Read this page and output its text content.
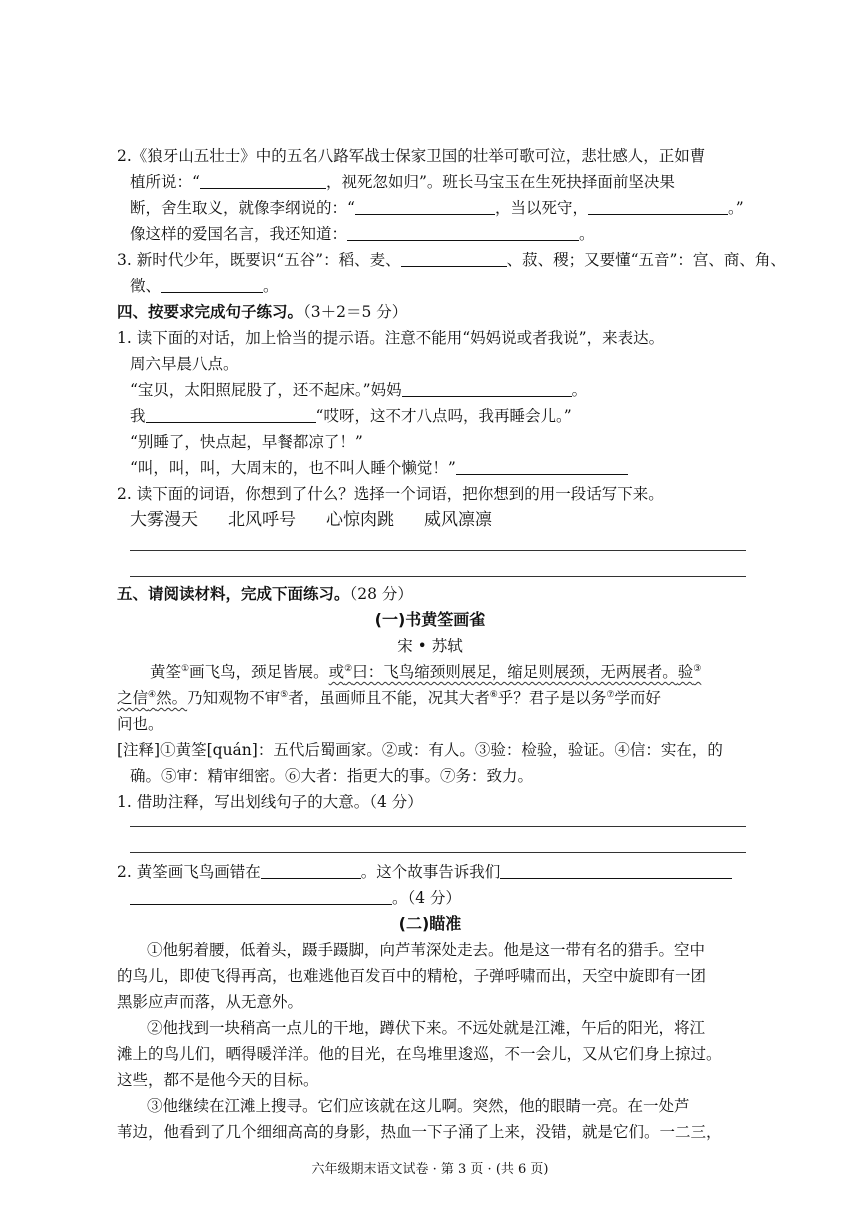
2.《狼牙山五壮士》中的五名八路军战士保家卫国的壮举可歌可泣，悲壮感人，正如曹
植所说：“	，视死忽如归”。班长马宝玉在生死抉择面前坚决果
断，舍生取义，就像李纲说的：“	，当以死守，	。”
像这样的爱国名言，我还知道：	。
3. 新时代少年，既要识“五谷”：稻、麦、	、菽、稷；又要懂“五音”：宫、商、角、
徵、	。
四、按要求完成句子练习。（3＋2＝5 分）
1. 读下面的对话，加上恰当的提示语。注意不能用“妈妈说或者我说”，来表达。
周六早晨八点。
“宝贝，太阳照屁股了，还不起床。”妈妈	。
我	“哎呀，这不才八点吗，我再睡会儿。”
“别睡了，快点起，早餐都凉了！”
“叫，叫，叫，大周末的，也不叫人睡个懒觉！”
2. 读下面的词语，你想到了什么？选择一个词语，把你想到的用一段话写下来。
大雾漫天 北风呼号 心惊肉跳 威风凛凛
五、请阅读材料，完成下面练习。（28 分）
(一)书黄筌画雀
宋 • 苏轼
黄筌①画飞鸟，颈足皆展。或②曰：飞鸟缩颈则展足，缩足则展颈，无两展者。验③
之信④然。乃知观物不审⑤者，虽画师且不能，况其大者⑥乎？君子是以务⑦学而好
问也。
[注释]①黄筌[quán]：五代后蜀画家。②或：有人。③验：检验，验证。④信：实在，的
确。⑤审：精审细密。⑥大者：指更大的事。⑦务：致力。
1. 借助注释，写出划线句子的大意。（4 分）
2. 黄筌画飞鸟画错在	。这个故事告诉我们
。（4 分）
(二)瞄准
①他躬着腰，低着头，蹑手蹑脚，向芦苇深处走去。他是这一带有名的猎手。空中
的鸟儿，即使飞得再高，也难逃他百发百中的精枪，子弹呼啸而出，天空中旋即有一团
黑影应声而落，从无意外。
②他找到一块稍高一点儿的干地，蹲伏下来。不远处就是江滩，午后的阳光，将江
滩上的鸟儿们，晒得暖洋洋。他的目光，在鸟堆里逡巡，不一会儿，又从它们身上掠过。
这些，都不是他今天的目标。
③他继续在江滩上搜寻。它们应该就在这儿啊。突然，他的眼睛一亮。在一处芦
苇边，他看到了几个细细高高的身影，热血一下子涌了上来，没错，就是它们。一二三，
六年级期末语文试卷 · 第 3 页 · (共 6 页)
